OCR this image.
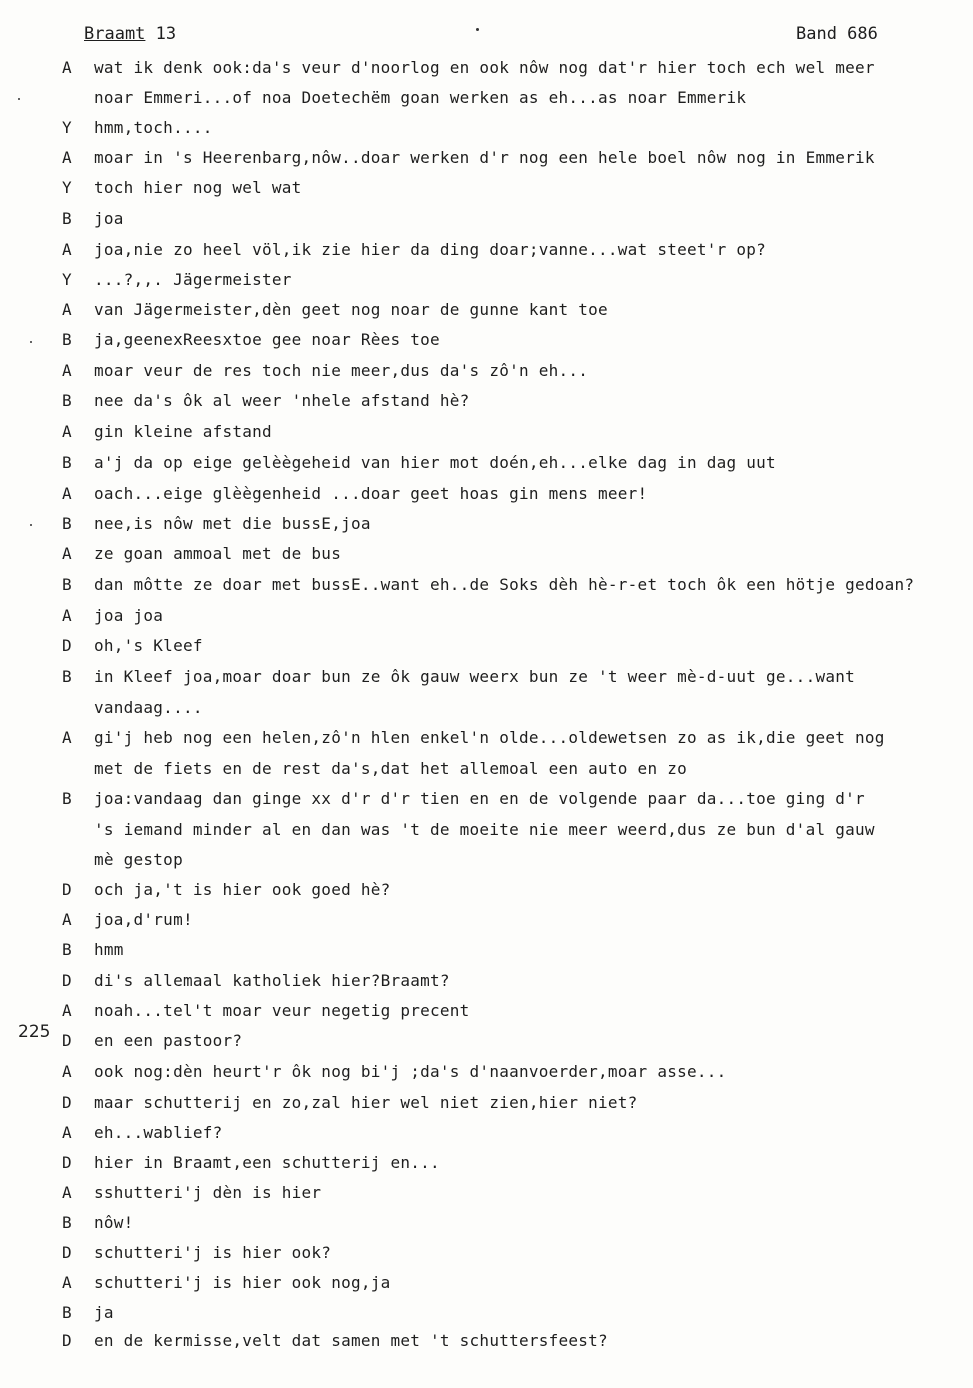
Braamt 13	Band 686
225
A wat ik denk ook:da's veur d'noorlog en ook nôw nog dat'r hier toch ech wel meer
noar Emmeri...of noa Doetechëm goan werken as eh...as noar Emmerik
Y hmm,toch....
A moar in 's Heerenbarg,nôw..doar werken d'r nog een hele boel nôw nog in Emmerik
Y toch hier nog wel wat
B joa
A joa,nie zo heel völ,ik zie hier da ding doar;vanne...wat steet'r op?
Y ...?,,. Jägermeister
A van Jägermeister,dèn geet nog noar de gunne kant toe
B ja,geenexReesxtoe gee noar Rèes toe
A moar veur de res toch nie meer,dus da's zô'n eh...
B nee da's ôk al weer 'nhele afstand hè?
A gin kleine afstand
B a'j da op eige gelèègeheid van hier mot doén,eh...elke dag in dag uut
A oach...eige glèègenheid ...doar geet hoas gin mens meer!
B nee,is nôw met die bussE,joa
A ze goan ammoal met de bus
B dan môtte ze doar met bussE..want eh..de Soks dèh hè-r-et toch ôk een hötje gedoan?
A joa joa
D oh,'s Kleef
B in Kleef joa,moar doar bun ze ôk gauw weerx bun ze 't weer mè-d-uut ge...want
vandaag....
A gi'j heb nog een helen,zô'n hlen enkel'n olde...oldewetsen zo as ik,die geet nog
met de fiets en de rest da's,dat het allemoal een auto en zo
B joa:vandaag dan ginge xx d'r d'r tien en en de volgende paar da...toe ging d'r
's iemand minder al en dan was 't de moeite nie meer weerd,dus ze bun d'al gauw
mè gestop
D och ja,'t is hier ook goed hè?
A joa,d'rum!
B hmm
D di's allemaal katholiek hier?Braamt?
A noah...tel't moar veur negetig precent
D en een pastoor?
A ook nog:dèn heurt'r ôk nog bi'j ;da's d'naanvoerder,moar asse...
D maar schutterij en zo,zal hier wel niet zien,hier niet?
A eh...wablief?
D hier in Braamt,een schutterij en...
A sshutteri'j dèn is hier
B nôw!
D schutteri'j is hier ook?
A schutteri'j is hier ook nog,ja
B ja
D en de kermisse,velt dat samen met 't schuttersfeest?
